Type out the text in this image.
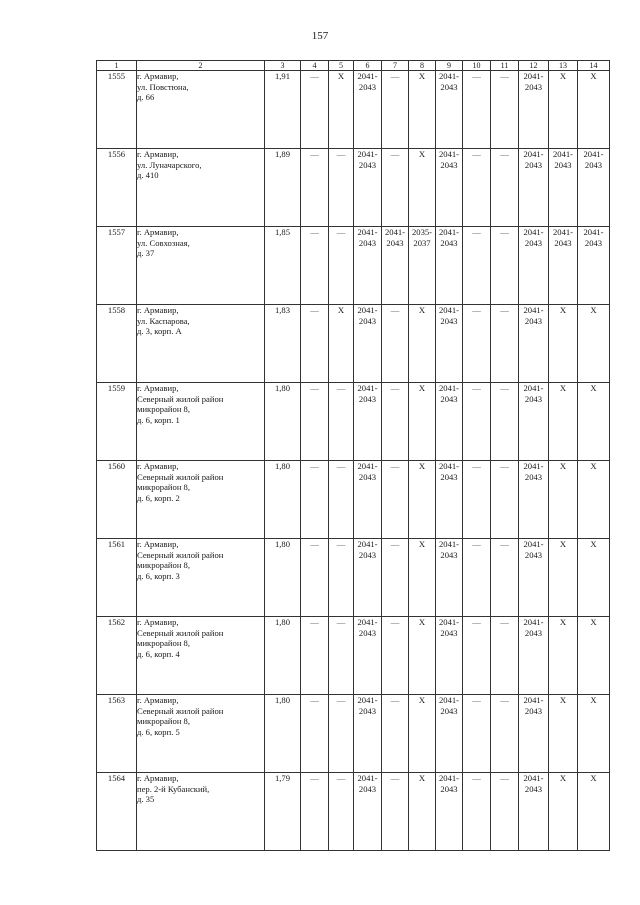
157
1	2	3	4	5	6	7	8	9	10	11	12	13	14
1555	г. Армавир,
ул. Повстюна,
д. 66	1,91	—	Х	2041-
2043	—	Х	2041-
2043	—	—	2041-
2043	Х	Х
1556	г. Армавир,
ул. Луначарского,
д. 410	1,89	—	—	2041-
2043	—	Х	2041-
2043	—	—	2041-
2043	2041-
2043	2041-
2043

1557	г. Армавир,
ул. Совхозная,
д. 37	1,85	—	—	2041-
2043	2041-
2043	2035-
2037	2041-
2043	—	—	2041-
2043	2041-
2043	2041-
2043

1558	г. Армавир,
ул. Каспарова,
д. 3, корп. А	1,83	—	Х	2041-
2043	—	Х	2041-
2043	—	—	2041-
2043	Х	Х
1559	г. Армавир,
Северный жилой район
микрорайон 8,
д. 6, корп. 1	1,80	—	—	2041-
2043	—	Х	2041-
2043	—	—	2041-
2043	Х	Х
1560	г. Армавир,
Северный жилой район
микрорайон 8,
д. 6, корп. 2	1,80	—	—	2041-
2043	—	Х	2041-
2043	—	—	2041-
2043	Х	Х
1561	г. Армавир,
Северный жилой район
микрорайон 8,
д. 6, корп. 3	1,80	—	—	2041-
2043	—	Х	2041-
2043	—	—	2041-
2043	Х	Х
1562	г. Армавир,
Северный жилой район
микрорайон 8,
д. 6, корп. 4	1,80	—	—	2041-
2043	—	Х	2041-
2043	—	—	2041-
2043	Х	Х
1563	г. Армавир,
Северный жилой район
микрорайон 8,
д. 6, корп. 5	1,80	—	—	2041-
2043	—	Х	2041-
2043	—	—	2041-
2043	Х	Х
1564	г. Армавир,
пер. 2-й Кубанский,
д. 35	1,79	—	—	2041-
2043	—	Х	2041-
2043	—	—	2041-
2043	Х	Х
